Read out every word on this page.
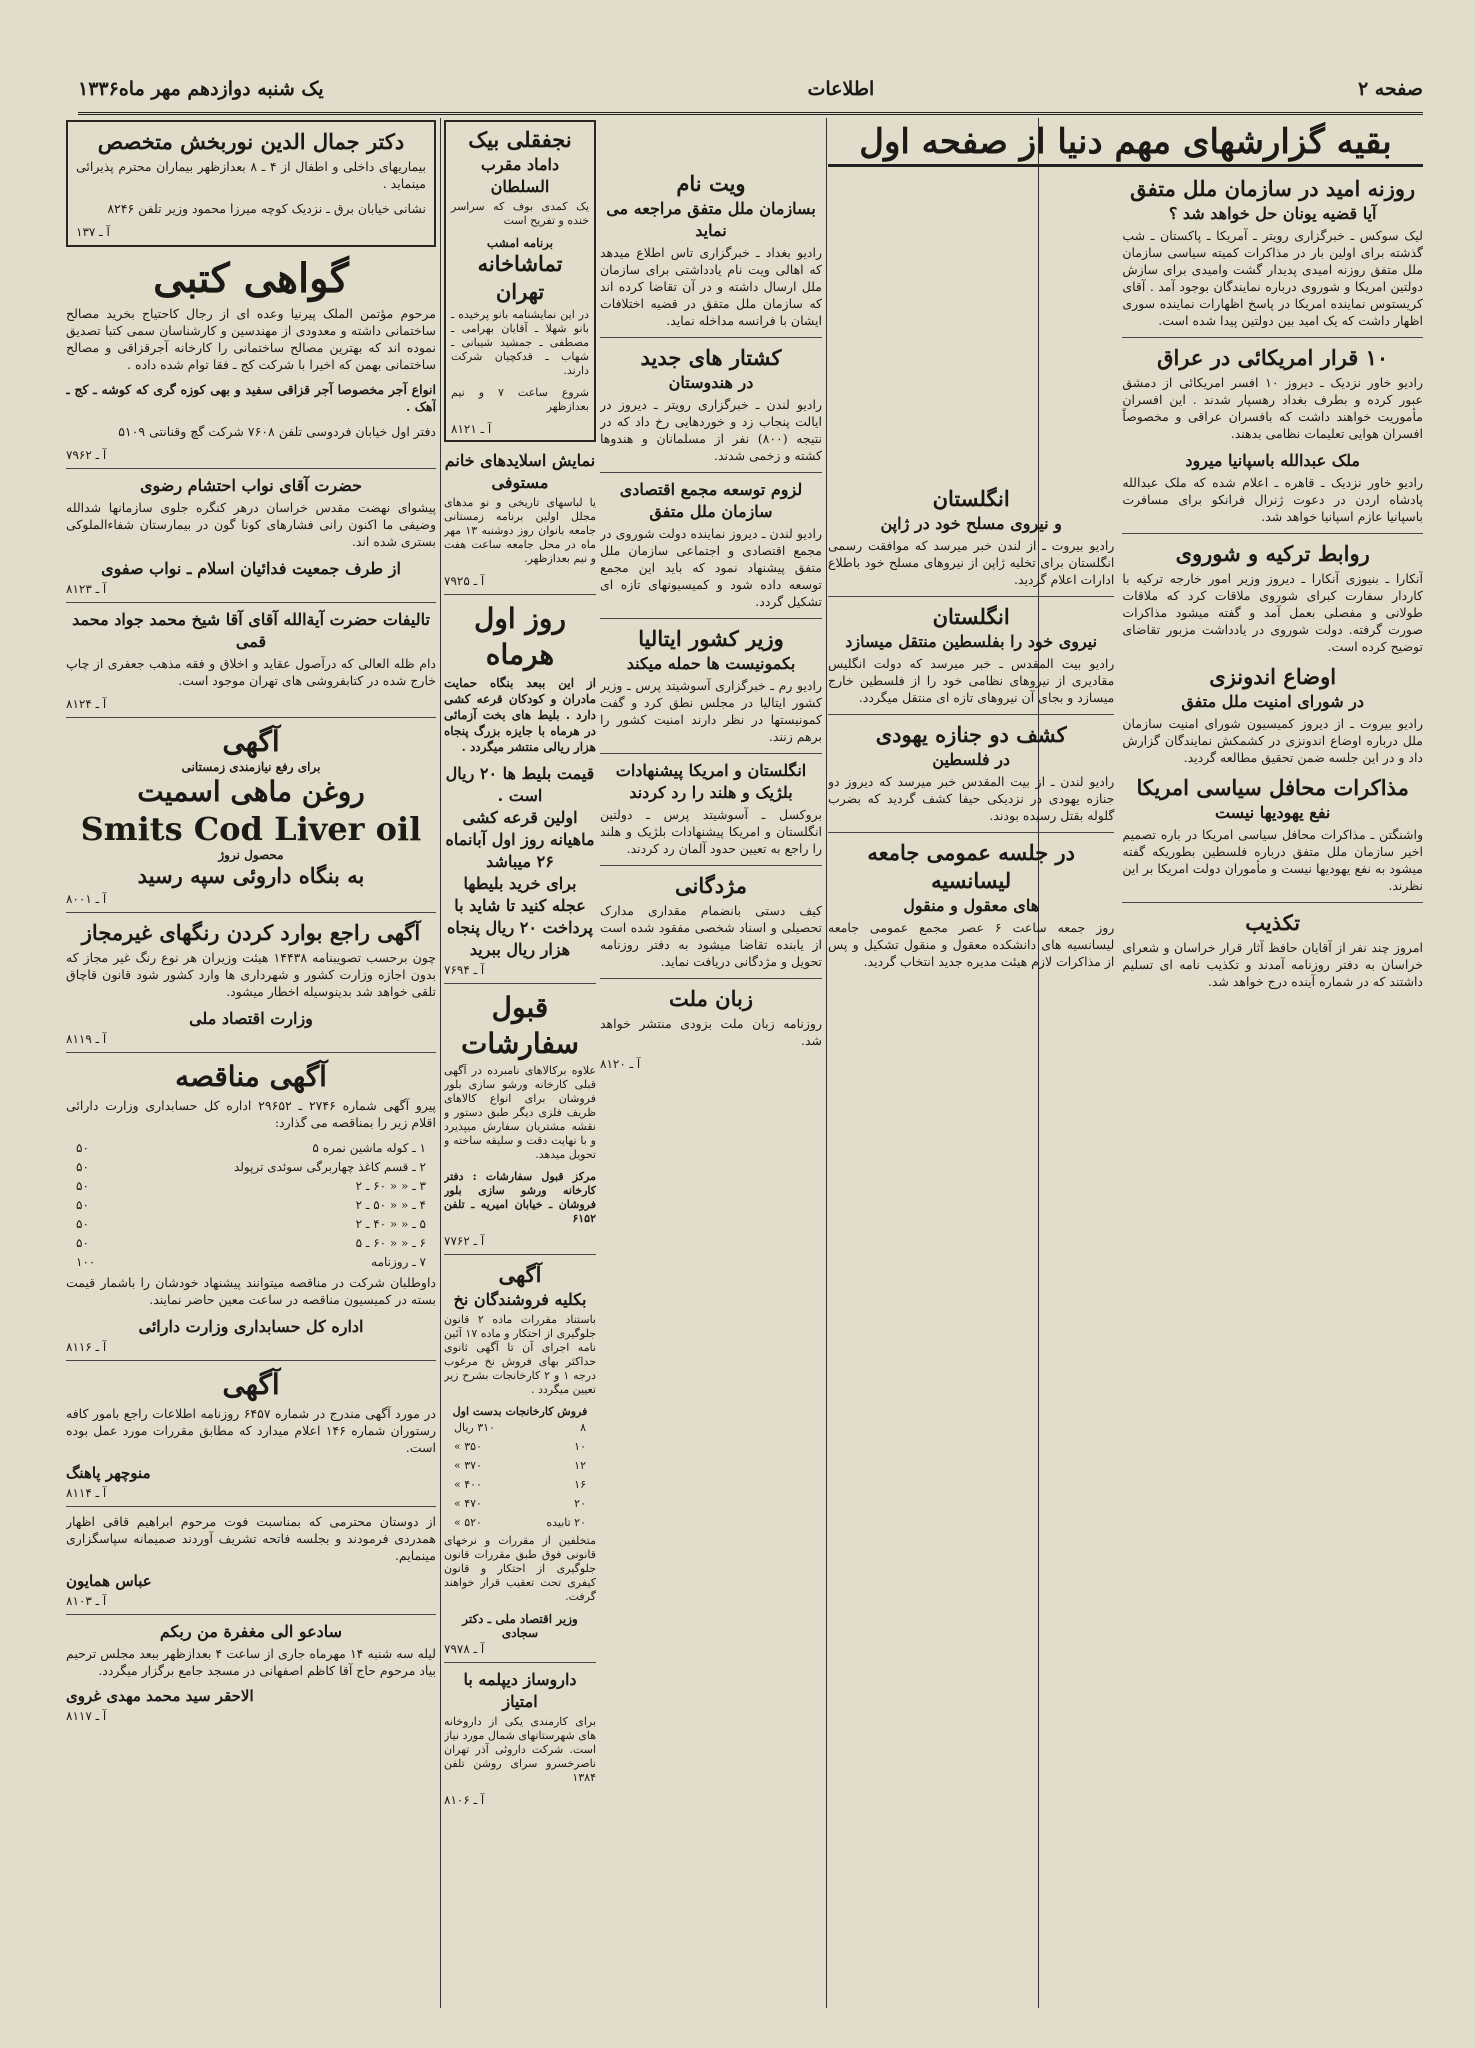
صفحه ۲
اطلاعات
یک شنبه دوازدهم مهر ماه۱۳۳۶
بقیه گزارشهای مهم دنیا از صفحه اول
روزنه امید در سازمان ملل متفق
آیا قضیه یونان حل خواهد شد ؟
لیک سوکس ـ خبرگزاری رویتر ـ آمریکا ـ پاکستان ـ شب گذشته برای اولین بار در مذاکرات کمیته سیاسی سازمان ملل متفق روزنه امیدی پدیدار گشت وامیدی برای سازش دولتین امریکا و شوروی درباره نمایندگان بوجود آمد . آقای کریستوس نماینده امریکا در پاسخ اظهارات نماینده سوری اظهار داشت که یک امید بین دولتین پیدا شده است.
۱۰ قرار امریکائی در عراق
رادیو خاور نزدیک ـ دیروز ۱۰ افسر امریکائی از دمشق عبور کرده و بطرف بغداد رهسپار شدند . این افسران مأموریت خواهند داشت که بافسران عراقی و مخصوصاً افسران هوایی تعلیمات نظامی بدهند.
ملک عبدالله باسپانیا میرود
رادیو خاور نزدیک ـ قاهره ـ اعلام شده که ملک عبدالله پادشاه اردن در دعوت ژنرال فرانکو برای مسافرت باسپانیا عازم اسپانیا خواهد شد.
روابط ترکیه و شوروی
آنکارا ـ بنیوزی آنکارا ـ دیروز وزیر امور خارجه ترکیه با کاردار سفارت کبرای شوروی ملاقات کرد که ملاقات طولانی و مفصلی بعمل آمد و گفته میشود مذاکرات صورت گرفته. دولت شوروی در یادداشت مزبور تقاضای توضیح کرده است.
اوضاع اندونزی
در شورای امنیت ملل متفق
رادیو بیروت ـ از دیروز کمیسیون شورای امنیت سازمان ملل درباره اوضاع اندونزی در کشمکش نمایندگان گزارش داد و در این جلسه ضمن تحقیق مطالعه گردید.
مذاکرات محافل سیاسی امریکا
نفع یهودیها نیست
واشنگتن ـ مذاکرات محافل سیاسی امریکا در باره تصمیم اخیر سازمان ملل متفق درباره فلسطین بطوریکه گفته میشود به نفع یهودیها نیست و مأموران دولت امریکا بر این نظرند.
تکذیب
امروز چند نفر از آقایان حافظ آثار قرار خراسان و شعرای خراسان به دفتر روزنامه آمدند و تکذیب نامه ای تسلیم داشتند که در شماره آینده درج خواهد شد.
انگلستان
و نیروی مسلح خود در ژاپن
رادیو بیروت ـ از لندن خبر میرسد که موافقت رسمی انگلستان برای تخلیه ژاپن از نیروهای مسلح خود باطلاع ادارات اعلام گردید.
انگلستان
نیروی خود را بفلسطین منتقل میسازد
رادیو بیت المقدس ـ خبر میرسد که دولت انگلیس مقادیری از نیروهای نظامی خود را از فلسطین خارج میسازد و بجای آن نیروهای تازه ای منتقل میگردد.
کشف دو جنازه یهودی
در فلسطین
رادیو لندن ـ از بیت المقدس خبر میرسد که دیروز دو جنازه یهودی در نزدیکی حیفا کشف گردید که بضرب گلوله بقتل رسیده بودند.
در جلسه عمومی جامعه لیسانسیه
های معقول و منقول
روز جمعه ساعت ۶ عصر مجمع عمومی جامعه لیسانسیه های دانشکده معقول و منقول تشکیل و پس از مذاکرات لازم هیئت مدیره جدید انتخاب گردید.
ویت نام
بسازمان ملل متفق مراجعه می نماید
رادیو بغداد ـ خبرگزاری تاس اطلاع میدهد که اهالی ویت نام یادداشتی برای سازمان ملل ارسال داشته و در آن تقاضا کرده اند که سازمان ملل متفق در قضیه اختلافات ایشان با فرانسه مداخله نماید.
کشتار های جدید
در هندوستان
رادیو لندن ـ خبرگزاری رویتر ـ دیروز در ایالت پنجاب زد و خوردهایی رخ داد که در نتیجه (۸۰۰) نفر از مسلمانان و هندوها کشته و زخمی شدند.
لزوم توسعه مجمع اقتصادی
سازمان ملل متفق
رادیو لندن ـ دیروز نماینده دولت شوروی در مجمع اقتصادی و اجتماعی سازمان ملل متفق پیشنهاد نمود که باید این مجمع توسعه داده شود و کمیسیونهای تازه ای تشکیل گردد.
وزیر کشور ایتالیا
بکمونیست ها حمله میکند
رادیو رم ـ خبرگزاری آسوشیتد پرس ـ وزیر کشور ایتالیا در مجلس نطق کرد و گفت کمونیستها در نظر دارند امنیت کشور را برهم زنند.
انگلستان و امریکا پیشنهادات
بلژیک و هلند را رد کردند
بروکسل ـ آسوشیتد پرس ـ دولتین انگلستان و امریکا پیشنهادات بلژیک و هلند را راجع به تعیین حدود آلمان رد کردند.
مژدگانی
کیف دستی بانضمام مقداری مدارک تحصیلی و اسناد شخصی مفقود شده است از یابنده تقاضا میشود به دفتر روزنامه تحویل و مژدگانی دریافت نماید.
زبان ملت
روزنامه زبان ملت بزودی منتشر خواهد شد.
آ ـ ۸۱۲۰
دکتر جمال الدین نوربخش متخصص
بیماریهای داخلی و اطفال از ۴ ـ ۸ بعدازظهر بیماران محترم پذیرائی مینماید .
نشانی خیابان برق ـ نزدیک کوچه میرزا محمود وزیر تلفن ۸۲۴۶
آ ـ ۱۳۷
گواهی کتبی
مرحوم مؤتمن الملک پیرنیا وعده ای از رجال کاحتیاج بخرید مصالح ساختمانی داشته و معدودی از مهندسین و کارشناسان سمی کتبا تصدیق نموده اند که بهترین مصالح ساختمانی را کارخانه آجرقزاقی و مصالح ساختمانی بهمن که اخیرا با شرکت کج ـ فقا توام شده داده .
انواع آجر مخصوصا آجر قزاقی سفید و بهی کوزه گری که کوشه ـ کج ـ آهک .
دفتر اول خیابان فردوسی تلفن ۷۶۰۸ شرکت گچ وقنانتی ۵۱۰۹
آ ـ ۷۹۶۲
حضرت آقای نواب احتشام رضوی
پیشوای نهضت مقدس خراسان درهر کنگره جلوی سازمانها شدالله وضیفی ما اکنون رانی فشارهای کونا گون در بیمارستان شفاءالملوکی بستری شده اند.
از طرف جمعیت فدائیان اسلام ـ نواب صفوی
آ ـ ۸۱۲۳
تالیفات حضرت آیةالله آقای آقا شیخ محمد جواد محمد قمی
دام ظله العالی که درآصول عقاید و اخلاق و فقه مذهب جعفری از چاپ خارج شده در کتابفروشی های تهران موجود است.
آ ـ ۸۱۲۴
آگهی
برای رفع نیازمندی زمستانی
روغن ماهی اسمیت
Smits Cod Liver oil
محصول نروژ
به بنگاه داروئی سپه رسید
آ ـ ۸۰۰۱
آگهی راجع بوارد کردن رنگهای غیرمجاز
چون برحسب تصویبنامه ۱۴۴۳۸ هیئت وزیران هر نوع رنگ غیر مجاز که بدون اجازه وزارت کشور و شهرداری ها وارد کشور شود قانون قاچاق تلقی خواهد شد بدینوسیله اخطار میشود.
وزارت اقتصاد ملی
آ ـ ۸۱۱۹
آگهی مناقصه
پیرو آگهی شماره ۲۷۴۶ ـ ۲۹۶۵۲ اداره کل حسابداری وزارت دارائی اقلام زیر را بمناقصه می گذارد:
۱ ـ کوله ماشین نمره ۵
۵۰
۲ ـ قسم کاغذ چهاربرگی سوئدی ترپولد
۵۰
۳ ـ « « ۶۰ ـ ۲
۵۰
۴ ـ « « ۵۰ ـ ۲
۵۰
۵ ـ « « ۴۰ ـ ۲
۵۰
۶ ـ « « ۶۰ ـ ۵
۵۰
۷ ـ روزنامه
۱۰۰
داوطلبان شرکت در مناقصه میتوانند پیشنهاد خودشان را باشمار قیمت بسته در کمیسیون مناقصه در ساعت معین حاضر نمایند.
اداره کل حسابداری وزارت دارائی
آ ـ ۸۱۱۶
آگهی
در مورد آگهی مندرج در شماره ۶۴۵۷ روزنامه اطلاعات راجع بامور کافه رستوران شماره ۱۴۶ اعلام میدارد که مطابق مقررات مورد عمل بوده است.
منوچهر پاهنگ
آ ـ ۸۱۱۴
از دوستان محترمی که بمناسبت فوت مرحوم ابراهیم قاقی اظهار همدردی فرمودند و بجلسه فاتحه تشریف آوردند صمیمانه سپاسگزاری مینمایم.
عباس همایون
آ ـ ۸۱۰۳
سادعو الی مغفرة من ربکم
لیله سه شنبه ۱۴ مهرماه جاری از ساعت ۴ بعدازظهر ببعد مجلس ترحیم بیاد مرحوم حاج آقا کاظم اصفهانی در مسجد جامع برگزار میگردد.
الاحقر سید محمد مهدی غروی
آ ـ ۸۱۱۷
نجفقلی بیک
داماد مقرب السلطان
یک کمدی بوف که سراسر خنده و تفریح است
برنامه امشب
تماشاخانه تهران
در این نمایشنامه بانو پرخیده ـ بانو شهلا ـ آقایان بهرامی ـ مصطفی ـ جمشید شیبانی ـ شهاب ـ قدکچیان شرکت دارند.
شروع ساعت ۷ و نیم بعدازظهر
آ ـ ۸۱۲۱
نمایش اسلایدهای خانم مستوفی
یا لباسهای تاریخی و نو مدهای مجلل اولین برنامه زمستانی جامعه بانوان روز دوشنبه ۱۳ مهر ماه در محل جامعه ساعت هفت و نیم بعدازظهر.
آ ـ ۷۹۲۵
روز اول هرماه
از این ببعد بنگاه حمایت مادران و کودکان قرعه کشی دارد . بلیط های بخت آزمائی در هرماه با جایزه بزرگ پنجاه هزار ریالی منتشر میگردد .
قیمت بلیط ها ۲۰ ریال است .
اولین قرعه کشی ماهیانه روز اول آبانماه ۲۶ میباشد
برای خرید بلیطها عجله کنید تا شاید با پرداخت ۲۰ ریال پنجاه هزار ریال ببرید
آ ـ ۷۶۹۴
قبول سفارشات
علاوه برکالاهای نامبرده در آگهی قبلی کارخانه ورشو سازی بلور فروشان برای انواع کالاهای ظریف فلزی دیگر طبق دستور و نقشه مشتریان سفارش میپذیرد و با نهایت دقت و سلیقه ساخته و تحویل میدهد.
مرکز قبول سفارشات : دفتر کارخانه ورشو سازی بلور فروشان ـ خیابان امیریه ـ تلفن ۶۱۵۲
آ ـ ۷۷۶۲
آگهی
بکلیه فروشندگان نخ
باستناد مقررات ماده ۲ قانون جلوگیری از احتکار و ماده ۱۷ آئین نامه اجرای آن تا آگهی ثانوی حداکثر بهای فروش نخ مرغوب درجه ۱ و ۲ کارخانجات بشرح زیر تعیین میگردد .
فروش کارخانجات بدست اول
۸
۳۱۰ ریال
۱۰
۳۵۰ »
۱۲
۳۷۰ »
۱۶
۴۰۰ »
۲۰
۴۷۰ »
۲۰ تابیده
۵۲۰ »
متخلفین از مقررات و نرخهای قانونی فوق طبق مقررات قانون جلوگیری از احتکار و قانون کیفری تحت تعقیب قرار خواهند گرفت.
وزیر اقتصاد ملی ـ دکتر سجادی
آ ـ ۷۹۷۸
داروساز دیپلمه با امتیاز
برای کارمندی یکی از داروخانه های شهرستانهای شمال مورد نیاز است. شرکت داروئی آذر تهران ناصرخسرو سرای روشن تلفن ۱۳۸۴
آ ـ ۸۱۰۶
